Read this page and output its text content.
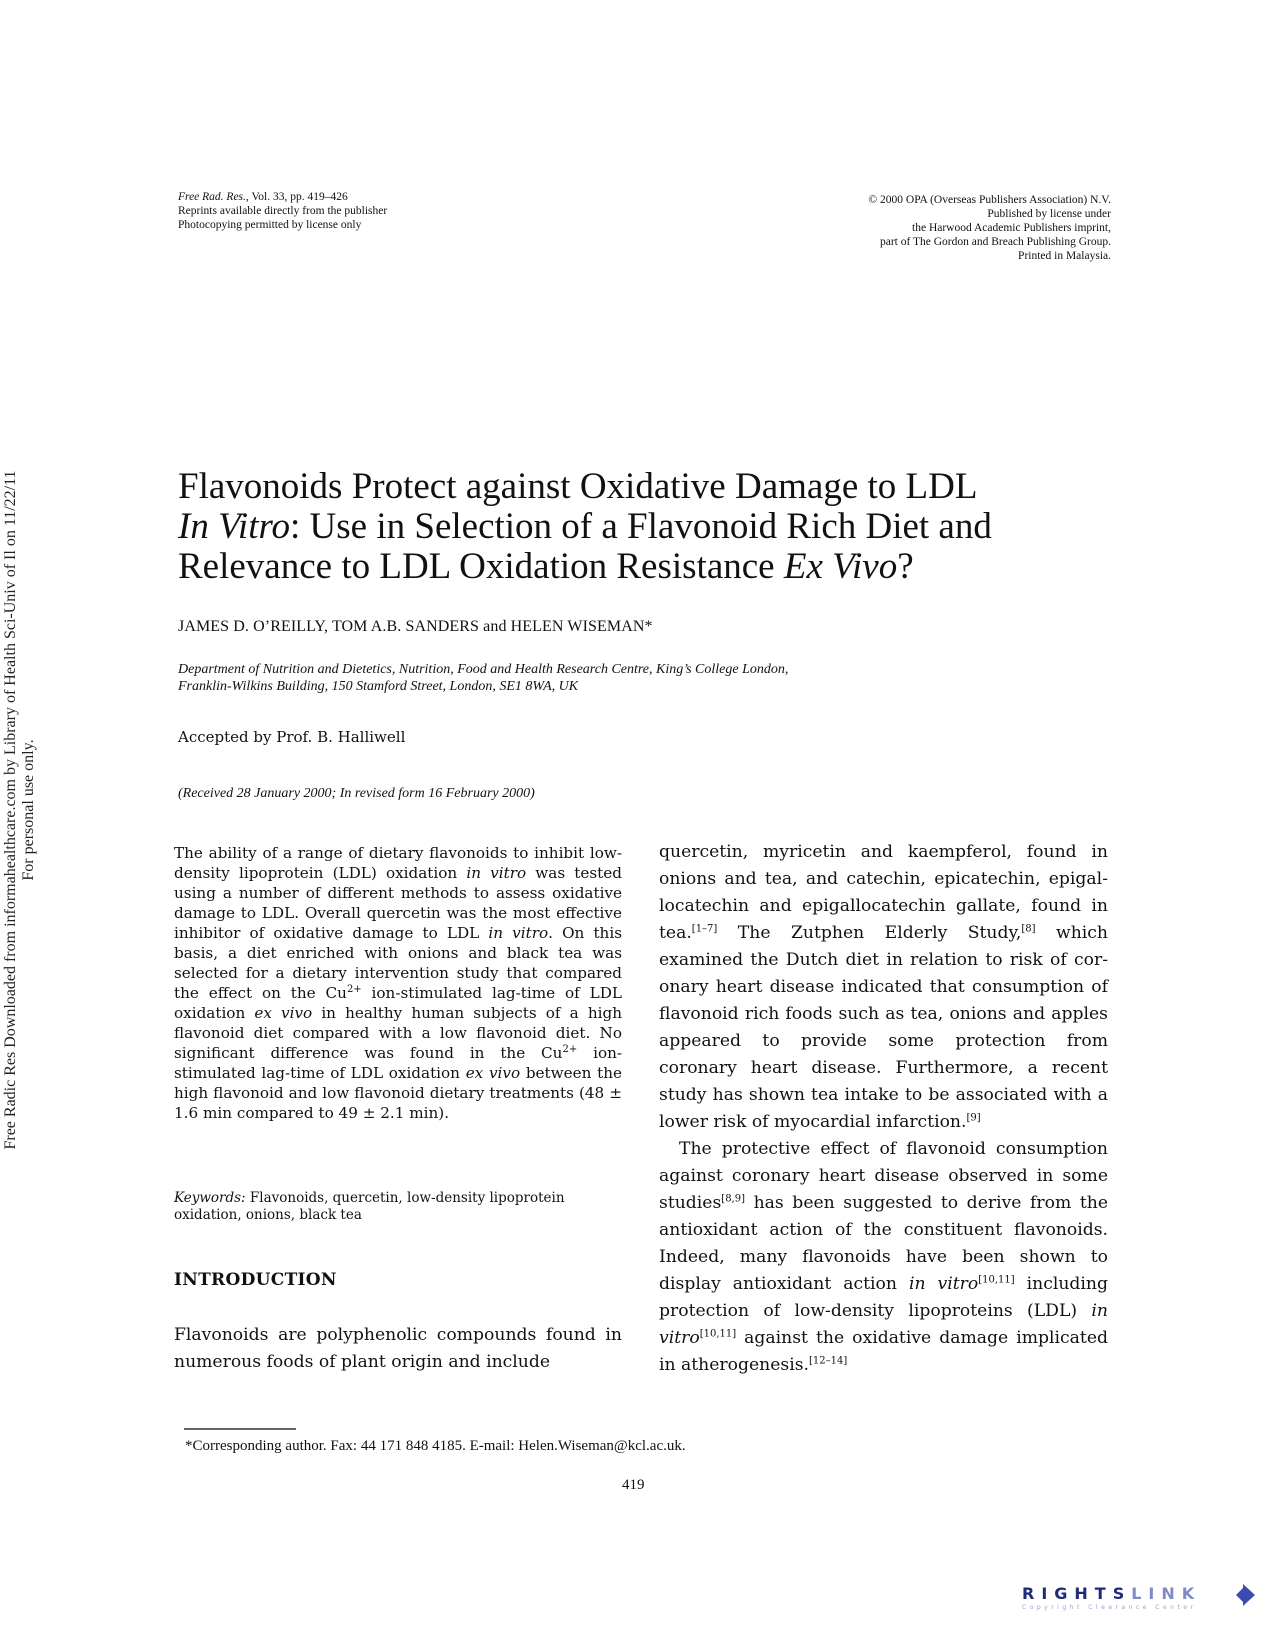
Free Rad. Res., Vol. 33, pp. 419–426
Reprints available directly from the publisher
Photocopying permitted by license only
© 2000 OPA (Overseas Publishers Association) N.V.
Published by license under
the Harwood Academic Publishers imprint,
part of The Gordon and Breach Publishing Group.
Printed in Malaysia.
Free Radic Res Downloaded from informahealthcare.com by Library of Health Sci-Univ of Il on 11/22/11 For personal use only.
Flavonoids Protect against Oxidative Damage to LDL
In Vitro: Use in Selection of a Flavonoid Rich Diet and
Relevance to LDL Oxidation Resistance Ex Vivo?
JAMES D. O’REILLY, TOM A.B. SANDERS and HELEN WISEMAN*
Department of Nutrition and Dietetics, Nutrition, Food and Health Research Centre, King’s College London,
Franklin-Wilkins Building, 150 Stamford Street, London, SE1 8WA, UK
Accepted by Prof. B. Halliwell
(Received 28 January 2000; In revised form 16 February 2000)
The ability of a range of dietary flavonoids to inhibit low-density lipoprotein (LDL) oxidation in vitro was tested using a number of different methods to assess oxidative damage to LDL. Overall quercetin was the most effective inhibitor of oxidative damage to LDL in vitro. On this basis, a diet enriched with onions and black tea was selected for a dietary intervention study that compared the effect on the $Cu^{2+}$ ion-stimulated lag-time of LDL oxidation ex vivo in healthy human subjects of a high flavonoid diet compared with a low flavonoid diet. No significant difference was found in the $Cu^{2+}$ ion-stimulated lag-time of LDL oxidation ex vivo between the high flavonoid and low flavonoid dietary treatments (48 ± 1.6 min compared to 49 ± 2.1 min).
Keywords: Flavonoids, quercetin, low-density lipoprotein oxidation, onions, black tea
INTRODUCTION
Flavonoids are polyphenolic compounds found in numerous foods of plant origin and include

quercetin, myricetin and kaempferol, found in onions and tea, and catechin, epicatechin, epigallocatechin and epigallocatechin gallate, found in tea.[1–7] The Zutphen Elderly Study,[8] which examined the Dutch diet in relation to risk of coronary heart disease indicated that consumption of flavonoid rich foods such as tea, onions and apples appeared to provide some protection from coronary heart disease. Furthermore, a recent study has shown tea intake to be associated with a lower risk of myocardial infarction.[9]

The protective effect of flavonoid consumption against coronary heart disease observed in some studies[8,9] has been suggested to derive from the antioxidant action of the constituent flavonoids. Indeed, many flavonoids have been shown to display antioxidant action in vitro[10,11] including protection of low-density lipoproteins (LDL) in vitro[10,11] against the oxidative damage implicated in atherogenesis.[12–14]

*Corresponding author. Fax: 44 171 848 4185. E-mail: Helen.Wiseman@kcl.ac.uk.
419
RIGHTSLINK
Copyright Clearance Center
